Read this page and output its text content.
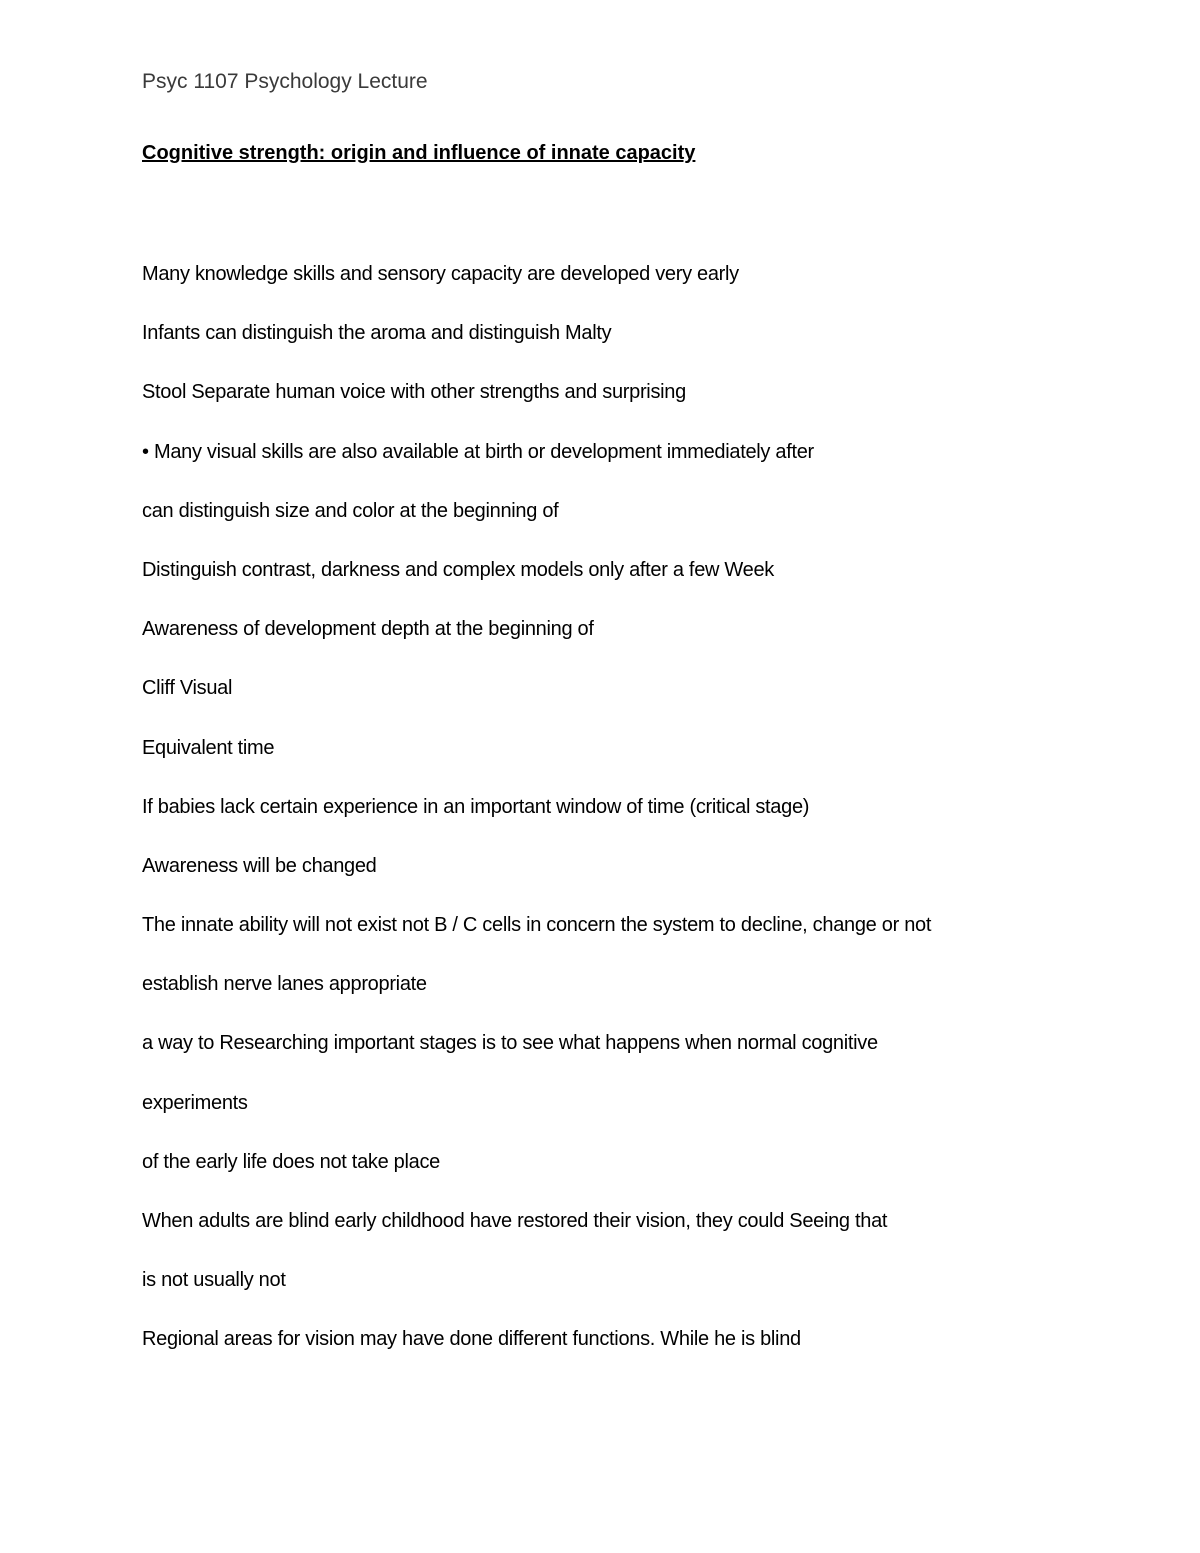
Psyc 1107 Psychology Lecture
Cognitive strength: origin and influence of innate capacity
Many knowledge skills and sensory capacity are developed very early
Infants can distinguish the aroma and distinguish Malty
Stool Separate human voice with other strengths and surprising
• Many visual skills are also available at birth or development immediately after
can distinguish size and color at the beginning of
Distinguish contrast, darkness and complex models only after a few Week
Awareness of development depth at the beginning of
Cliff Visual
Equivalent time
If babies lack certain experience in an important window of time (critical stage)
Awareness will be changed
The innate ability will not exist not B / C cells in concern the system to decline, change or not
establish nerve lanes appropriate
a way to Researching important stages is to see what happens when normal cognitive
experiments
of the early life does not take place
When adults are blind early childhood have restored their vision, they could Seeing that
is not usually not
Regional areas for vision may have done different functions. While he is blind
